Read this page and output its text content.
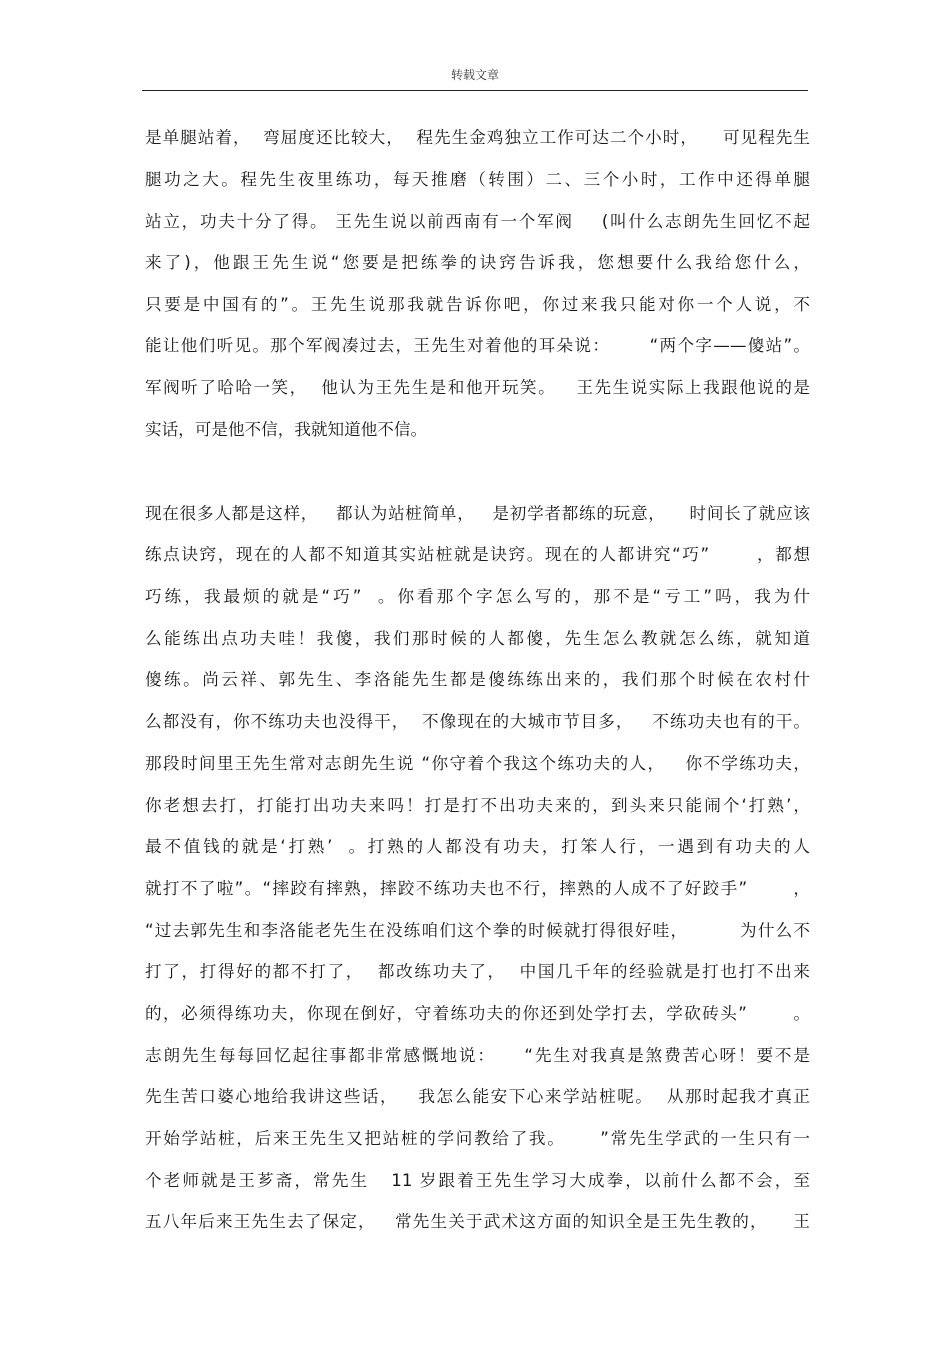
转载文章
是单腿站着，  弯屈度还比较大，  程先生金鸡独立工作可达二个小时，    可见程先生
腿功之大。程先生夜里练功，每天推磨（转围）二、三个小时，工作中还得单腿
站立，功夫十分了得。 王先生说以前西南有一个军阀    (叫什么志朗先生回忆不起
来了)，他跟王先生说“您要是把练拳的诀窍告诉我，您想要什么我给您什么，
只要是中国有的”。王先生说那我就告诉你吧，你过来我只能对你一个人说，不
能让他们听见。那个军阀凑过去，王先生对着他的耳朵说：      “两个字——傻站”。
军阀听了哈哈一笑，  他认为王先生是和他开玩笑。   王先生说实际上我跟他说的是
实话，可是他不信，我就知道他不信。
现在很多人都是这样，   都认为站桩简单，   是初学者都练的玩意，    时间长了就应该
练点诀窍，现在的人都不知道其实站桩就是诀窍。现在的人都讲究“巧”       ，都想
巧练，我最烦的就是“巧”  。你看那个字怎么写的，那不是“亏工”吗，我为什
么能练出点功夫哇！我傻，我们那时候的人都傻，先生怎么教就怎么练，就知道
傻练。尚云祥、郭先生、李洛能先生都是傻练练出来的，我们那个时候在农村什
么都没有，你不练功夫也没得干，  不像现在的大城市节目多，   不练功夫也有的干。
那段时间里王先生常对志朗先生说 “你守着个我这个练功夫的人，   你不学练功夫，
你老想去打，打能打出功夫来吗！打是打不出功夫来的，到头来只能闹个‘打熟’，
最不值钱的就是‘打熟’  。打熟的人都没有功夫，打笨人行，一遇到有功夫的人
就打不了啦”。“摔跤有摔熟，摔跤不练功夫也不行，摔熟的人成不了好跤手”       ，
“过去郭先生和李洛能老先生在没练咱们这个拳的时候就打得很好哇，        为什么不
打了，打得好的都不打了，  都改练功夫了，  中国几千年的经验就是打也打不出来
的，必须得练功夫，你现在倒好，守着练功夫的你还到处学打去，学砍砖头”       。
志朗先生每每回忆起往事都非常感慨地说：    “先生对我真是煞费苦心呀！要不是
先生苦口婆心地给我讲这些话，   我怎么能安下心来学站桩呢。  从那时起我才真正
开始学站桩，后来王先生又把站桩的学问教给了我。     ”常先生学武的一生只有一
个老师就是王芗斋，常先生   11 岁跟着王先生学习大成拳，以前什么都不会，至
五八年后来王先生去了保定，   常先生关于武术这方面的知识全是王先生教的，    王
